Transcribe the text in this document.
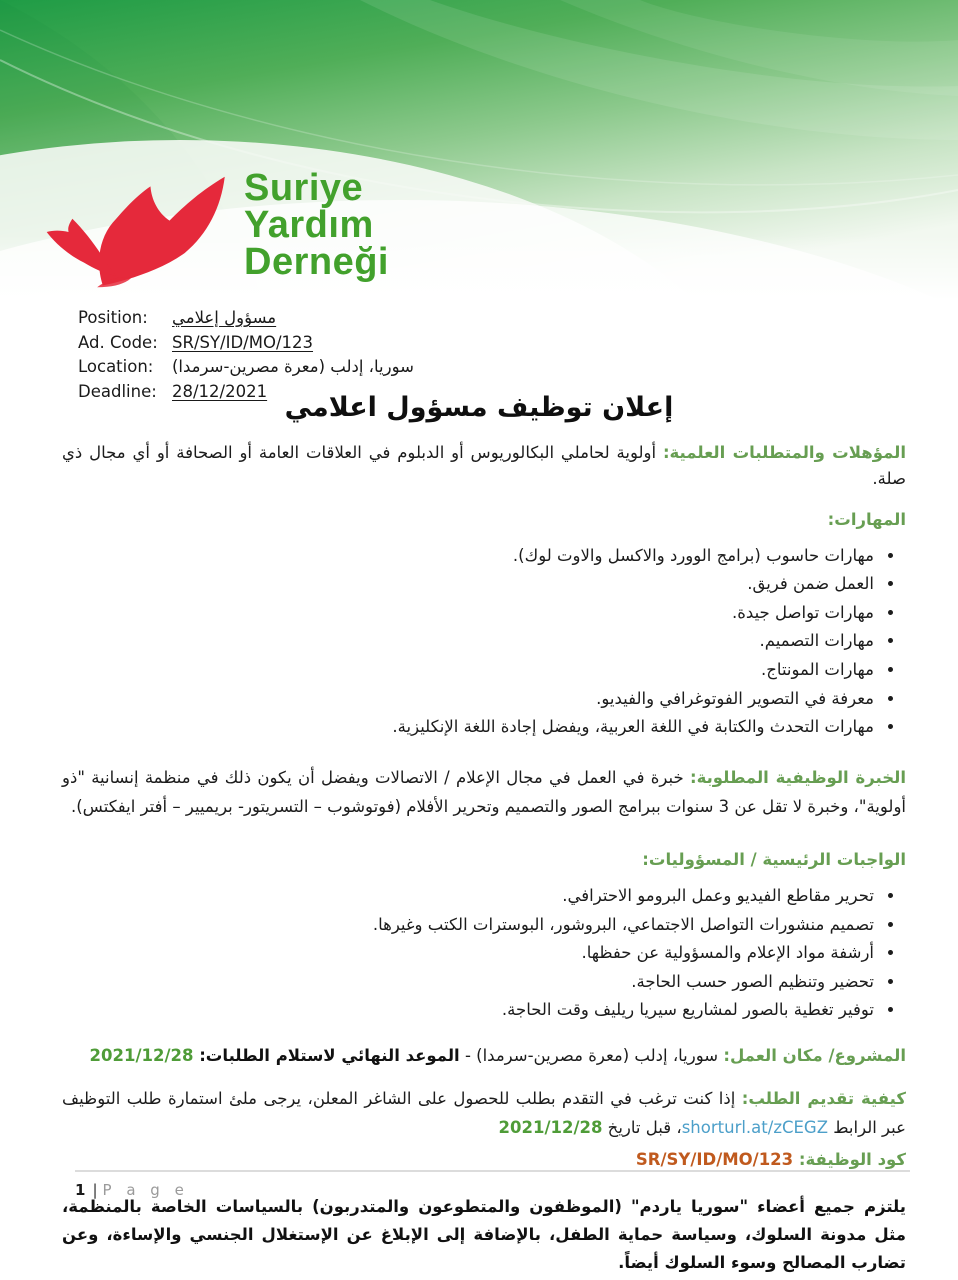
Suriye
Yardım
Derneği
Position:	مسؤول إعلامي
Ad. Code: SR/SY/ID/MO/123
Location:	سوريا، إدلب (معرة مصرين-سرمدا)
Deadline: 28/12/2021
إعلان توظيف مسؤول اعلامي

المؤهلات والمتطلبات العلمية: أولوية لحاملي البكالوريوس أو الدبلوم في العلاقات العامة أو الصحافة أو أي مجال ذي صلة.

المهارات:
• مهارات حاسوب (برامج الوورد والاكسل والاوت لوك).
• العمل ضمن فريق.
• مهارات تواصل جيدة.
• مهارات التصميم.
• مهارات المونتاج.
• معرفة في التصوير الفوتوغرافي والفيديو.
• مهارات التحدث والكتابة في اللغة العربية، ويفضل إجادة اللغة الإنكليزية.

الخبرة الوظيفية المطلوبة: خبرة في العمل في مجال الإعلام / الاتصالات ويفضل أن يكون ذلك في منظمة إنسانية "ذو أولوية"، وخبرة لا تقل عن 3 سنوات ببرامج الصور والتصميم وتحرير الأفلام (فوتوشوب – التسريتور- بريميير – أفتر ايفكتس).

الواجبات الرئيسية / المسؤوليات:
• تحرير مقاطع الفيديو وعمل البرومو الاحترافي.
• تصميم منشورات التواصل الاجتماعي، البروشور، البوسترات الكتب وغيرها.
• أرشفة مواد الإعلام والمسؤولية عن حفظها.
• تحضير وتنظيم الصور حسب الحاجة.
• توفير تغطية بالصور لمشاريع سيريا ريليف وقت الحاجة.

المشروع/ مكان العمل: سوريا، إدلب (معرة مصرين-سرمدا) - الموعد النهائي لاستلام الطلبات: 2021/12/28

كيفية تقديم الطلب: إذا كنت ترغب في التقدم بطلب للحصول على الشاغر المعلن، يرجى ملئ استمارة طلب التوظيف عبر الرابط shorturl.at/zCEGZ، قبل تاريخ 2021/12/28

كود الوظيفة: SR/SY/ID/MO/123

يلتزم جميع أعضاء "سوريا ياردم" (الموظفون والمتطوعون والمتدربون) بالسياسات الخاصة بالمنظمة، مثل مدونة السلوك، وسياسة حماية الطفل، بالإضافة إلى الإبلاغ عن الإستغلال الجنسي والإساءة، وعن تضارب المصالح وسوء السلوك أيضاً.

1 | P a g e
